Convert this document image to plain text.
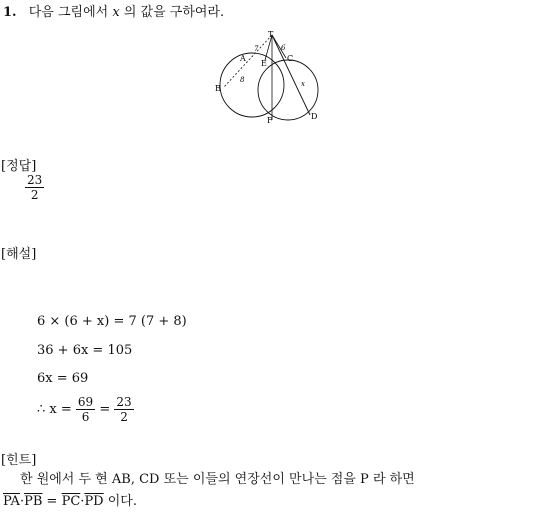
1. 다음 그림에서 x 의 값을 구하여라.
T
A
E
C
B
F	D
7	6
8	x
[정답]
$\frac{23}{2}$
[해설]
6 × (6 + x) = 7 (7 + 8)
36 + 6x = 105
6x = 69
∴ $x = \frac{69}{6} = \frac{23}{2}$
[힌트]
한 원에서 두 현 AB, CD 또는 이들의 연장선이 만나는 점을 P 라 하면
$\overline{PA}\cdot\overline{PB} = \overline{PC}\cdot\overline{PD}$ 이다.
